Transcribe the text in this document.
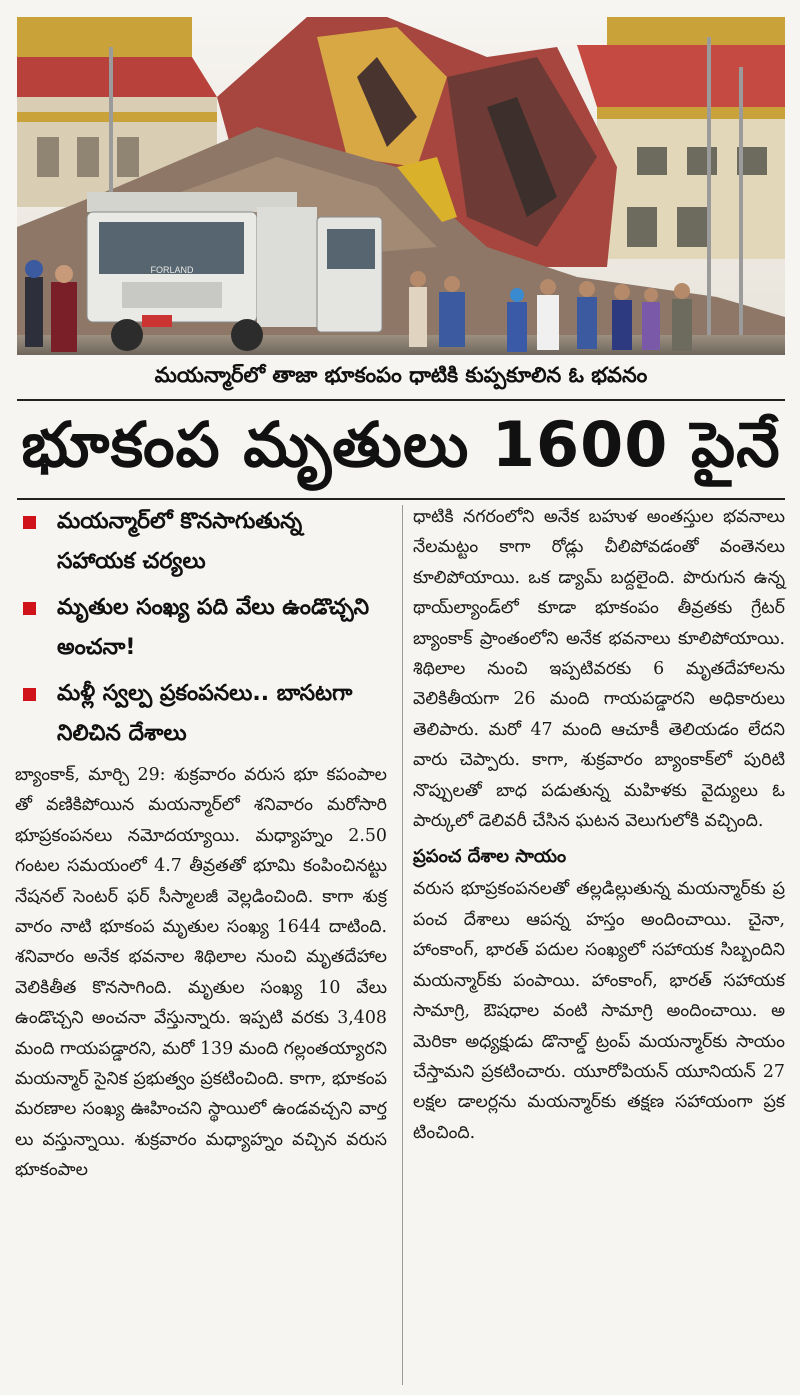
FORLAND
మయన్మార్‌లో తాజా భూకంపం ధాటికి కుప్పకూలిన ఓ భవనం
భూకంప మృతులు 1600 పైనే
మయన్మార్‌లో కొనసాగుతున్న సహాయక చర్యలు
మృతుల సంఖ్య పది వేలు ఉండొచ్చని అంచనా!
మళ్లీ స్వల్ప ప్రకంపనలు.. బాసటగా నిలిచిన దేశాలు

బ్యాంకాక్, మార్చి 29: శుక్రవారం వరుస భూ కపంపాలతో వణికిపోయిన మయన్మార్‌లో శనివారం మరోసారి భూప్రకంపనలు నమోదయ్యాయి. మధ్యాహ్నం 2.50 గంటల సమయంలో 4.7 తీవ్రతతో భూమి కంపించినట్టు నేషనల్ సెంటర్ ఫర్ సీస్మాలజీ వెల్లడించింది. కాగా శుక్రవారం నాటి భూకంప మృతుల సంఖ్య 1644 దాటింది. శనివారం అనేక భవనాల శిథిలాల నుంచి మృతదేహాల వెలికితీత కొనసాగింది. మృతుల సంఖ్య 10 వేలు ఉండొచ్చని అంచనా వేస్తున్నారు. ఇప్పటి వరకు 3,408 మంది గాయపడ్డారని, మరో 139 మంది గల్లంతయ్యారని మయన్మార్ సైనిక ప్రభుత్వం ప్రకటించింది. కాగా, భూకంప మరణాల సంఖ్య ఊహించని స్థాయిలో ఉండవచ్చని వార్తలు వస్తున్నాయి. శుక్రవారం మధ్యాహ్నం వచ్చిన వరుస భూకంపాల

ధాటికి నగరంలోని అనేక బహుళ అంతస్తుల భవనాలు నేలమట్టం కాగా రోడ్లు చీలిపోవడంతో వంతెనలు కూలిపోయాయి. ఒక డ్యామ్ బద్దలైంది. పొరుగున ఉన్న థాయ్‌ల్యాండ్‌లో కూడా భూకంపం తీవ్రతకు గ్రేటర్ బ్యాంకాక్ ప్రాంతంలోని అనేక భవనాలు కూలిపోయాయి. శిథిలాల నుంచి ఇప్పటివరకు 6 మృతదేహాలను వెలికితీయగా 26 మంది గాయపడ్డారని అధికారులు తెలిపారు. మరో 47 మంది ఆచూకీ తెలియడం లేదని వారు చెప్పారు. కాగా, శుక్రవారం బ్యాంకాక్‌లో పురిటి నొప్పులతో బాధ పడుతున్న మహిళకు వైద్యులు ఓ పార్కులో డెలివరీ చేసిన ఘటన వెలుగులోకి వచ్చింది.

ప్రపంచ దేశాల సాయం

వరుస భూప్రకంపనలతో తల్లడిల్లుతున్న మయన్మార్‌కు ప్రపంచ దేశాలు ఆపన్న హస్తం అందించాయి. చైనా, హాంకాంగ్, భారత్ పదుల సంఖ్యలో సహాయక సిబ్బందిని మయన్మార్‌కు పంపాయి. హాంకాంగ్, భారత్ సహాయక సామాగ్రి, ఔషధాల వంటి సామాగ్రి అందించాయి. అమెరికా అధ్యక్షుడు డొనాల్డ్ ట్రంప్ మయన్మార్‌కు సాయం చేస్తామని ప్రకటించారు. యూరోపియన్ యూనియన్ 27 లక్షల డాలర్లను మయన్మార్‌కు తక్షణ సహాయంగా ప్రకటించింది.
